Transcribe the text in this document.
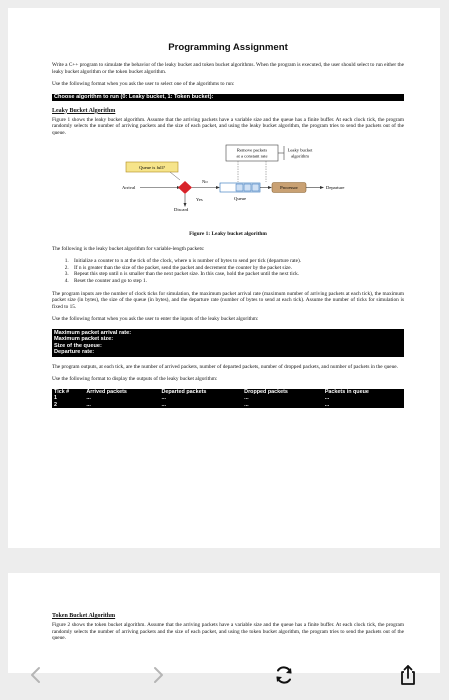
Programming Assignment

Write a C++ program to simulate the behavior of the leaky bucket and token bucket algorithms. When the program is executed, the user should select to run either the leaky bucket algorithm or the token bucket algorithm.

Use the following format when you ask the user to select one of the algorithms to run:

Choose algorithm to run (0: Leaky bucket, 1: Token bucket):
Leaky Bucket Algorithm

Figure 1 shows the leaky bucket algorithm. Assume that the arriving packets have a variable size and the queue has a finite buffer. At each clock tick, the program randomly selects the number of arriving packets and the size of each packet, and using the leaky bucket algorithm, the program tries to send the packets out of the queue.

Remove packets
at a constant rate
Leaky bucket
algorithm
Queue is full?
Arrival
No
Yes
Discard
Queue
Processor	Departure
Figure 1: Leaky bucket algorithm

The following is the leaky bucket algorithm for variable-length packets:

1. Initialize a counter to n at the tick of the clock, where n is number of bytes to send per tick (departure rate).
2. If n is greater than the size of the packet, send the packet and decrement the counter by the packet size.
3. Repeat this step until n is smaller than the next packet size. In this case, hold the packet until the next tick.
4. Reset the counter and go to step 1.

The program inputs are the number of clock ticks for simulation, the maximum packet arrival rate (maximum number of arriving packets at each tick), the maximum packet size (in bytes), the size of the queue (in bytes), and the departure rate (number of bytes to send at each tick). Assume the number of ticks for simulation is fixed to 15.

Use the following format when you ask the user to enter the inputs of the leaky bucket algorithm:

Maximum packet arrival rate:
Maximum packet size:
Size of the queue:
Departure rate:

The program outputs, at each tick, are the number of arrived packets, number of departed packets, number of dropped packets, and number of packets in the queue.

Use the following format to display the outputs of the leaky bucket algorithm:

Tick #	Arrived packets	Departed packets	Dropped packets	Packets in queue
1	...	...	...	...
2	...	...	...	...
Token Bucket Algorithm

Figure 2 shows the token bucket algorithm. Assume that the arriving packets have a variable size and the queue has a finite buffer. At each clock tick, the program randomly selects the number of arriving packets and the size of each packet, and using the token bucket algorithm, the program tries to send the packets out of the queue.
